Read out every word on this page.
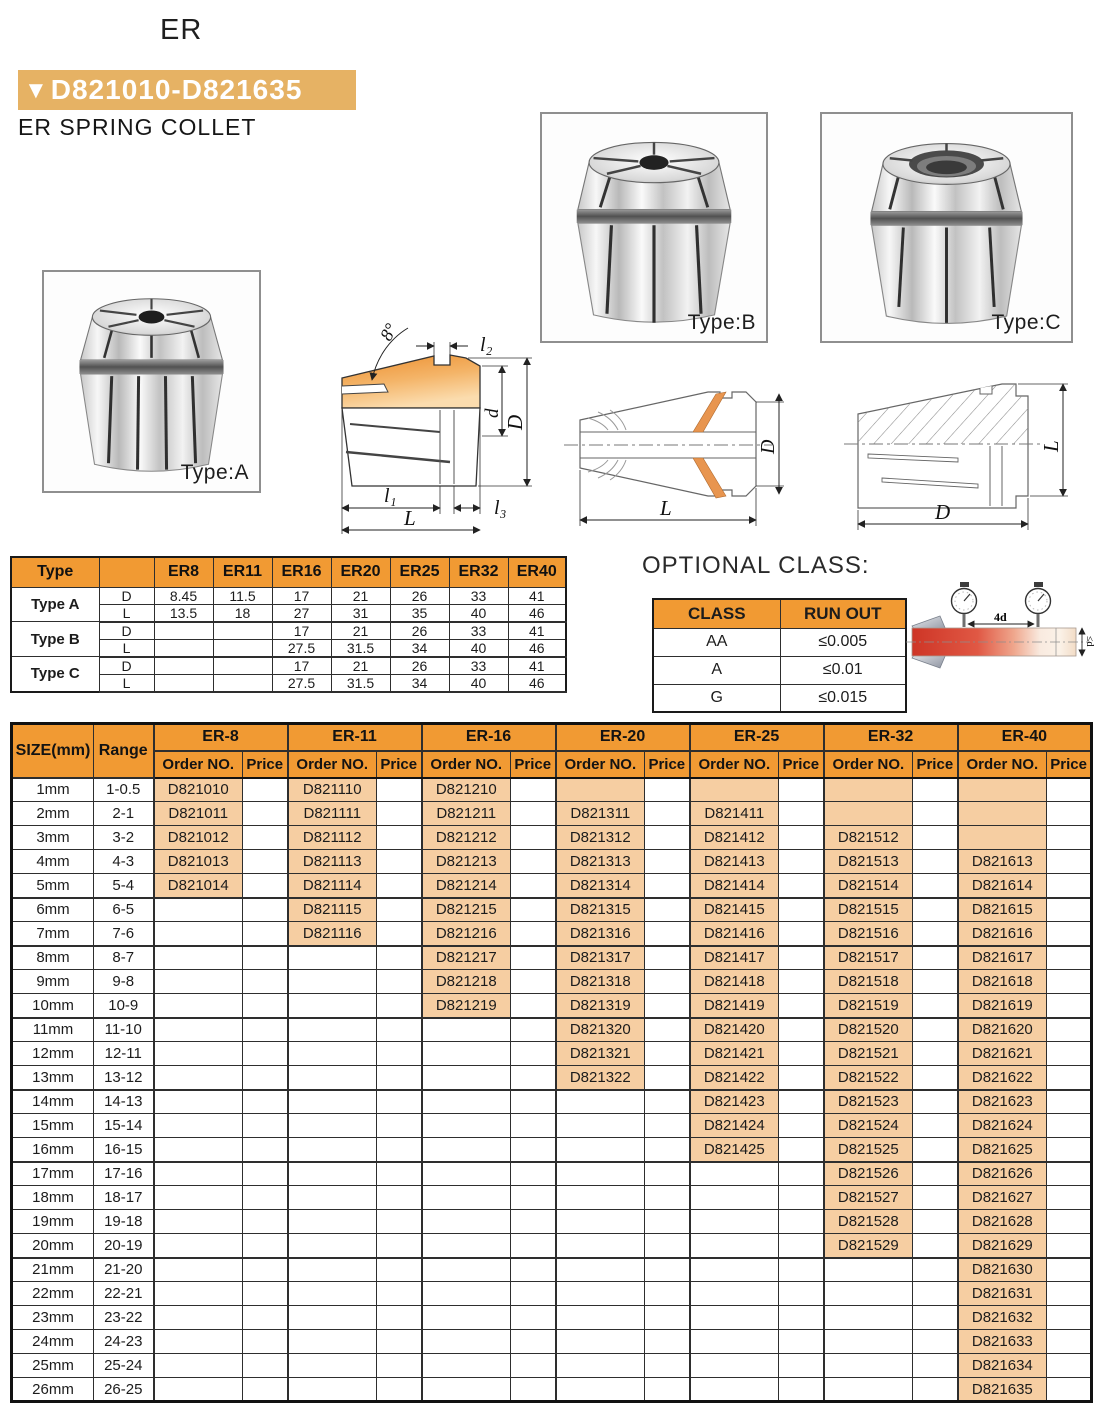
ER
▼D821010-D821635
ER SPRING COLLET
Type:A
Type:B	Type:C
l₂
8°
d
D
l₁
l₃
L
D
L
L
D
Type		ER8	ER11	ER16	ER20	ER25	ER32	ER40
Type A	D	8.45	11.5	17	21	26	33	41
	L	13.5	18	27	31	35	40	46
Type B	D			17	21	26	33	41
	L			27.5	31.5	34	40	46
Type C	D			17	21	26	33	41
	L			27.5	31.5	34	40	46
OPTIONAL CLASS:
CLASS	RUN OUT
AA	≤0.005
A	≤0.01
G	≤0.015
4d
≤d
SIZE(mm)	Range	ER-8		ER-11		ER-16		ER-20		ER-25		ER-32		ER-40	
		Order NO.	Price	Order NO.	Price	Order NO.	Price	Order NO.	Price	Order NO.	Price	Order NO.	Price	Order NO.	Price
1mm	1-0.5	D821010		D821110		D821210									
2mm	2-1	D821011		D821111		D821211		D821311		D821411					
3mm	3-2	D821012		D821112		D821212		D821312		D821412		D821512			
4mm	4-3	D821013		D821113		D821213		D821313		D821413		D821513		D821613	
5mm	5-4	D821014		D821114		D821214		D821314		D821414		D821514		D821614	
6mm	6-5			D821115		D821215		D821315		D821415		D821515		D821615	
7mm	7-6			D821116		D821216		D821316		D821416		D821516		D821616	
8mm	8-7					D821217		D821317		D821417		D821517		D821617	
9mm	9-8					D821218		D821318		D821418		D821518		D821618	
10mm	10-9					D821219		D821319		D821419		D821519		D821619	
11mm	11-10							D821320		D821420		D821520		D821620	
12mm	12-11							D821321		D821421		D821521		D821621	
13mm	13-12							D821322		D821422		D821522		D821622	
14mm	14-13									D821423		D821523		D821623	
15mm	15-14									D821424		D821524		D821624	
16mm	16-15									D821425		D821525		D821625	
17mm	17-16											D821526		D821626	
18mm	18-17											D821527		D821627	
19mm	19-18											D821528		D821628	
20mm	20-19											D821529		D821629	
21mm	21-20													D821630	
22mm	22-21													D821631	
23mm	23-22													D821632	
24mm	24-23													D821633	
25mm	25-24													D821634	
26mm	26-25													D821635	
